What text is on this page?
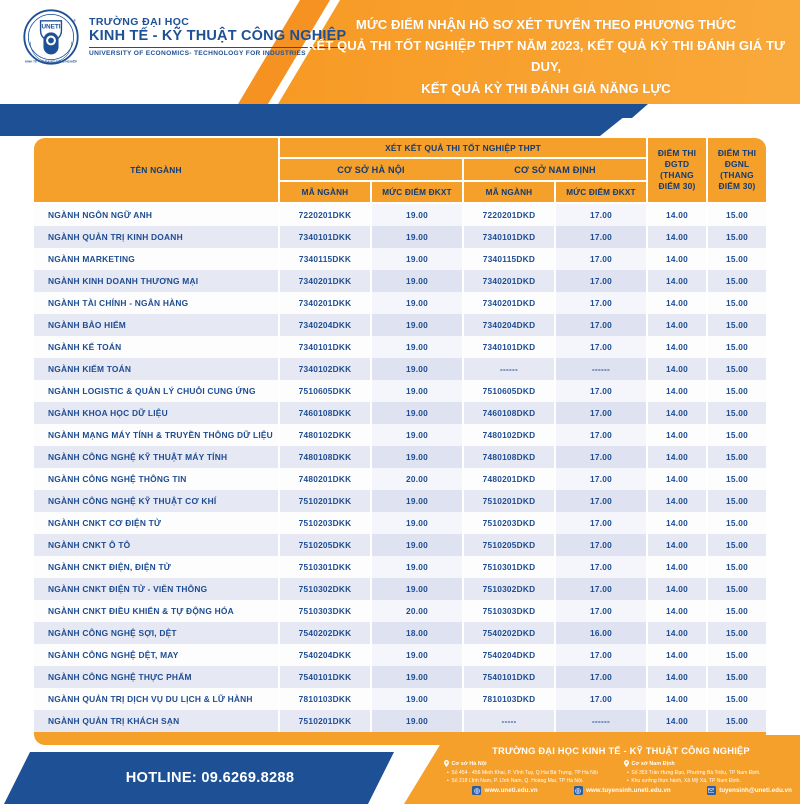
UNETI
KINH TẾ - KỸ THUẬT CÔNG NGHIỆP
® TRƯỜNG ĐẠI HỌC
KINH TẾ - KỸ THUẬT CÔNG NGHIỆP
UNIVERSITY OF ECONOMICS- TECHNOLOGY FOR INDUSTRIES
MỨC ĐIỂM NHẬN HỒ SƠ XÉT TUYỂN THEO PHƯƠNG THỨC
KẾT QUẢ THI TỐT NGHIỆP THPT NĂM 2023, KẾT QUẢ KỲ THI ĐÁNH GIÁ TƯ DUY,
KẾT QUẢ KỲ THI ĐÁNH GIÁ NĂNG LỰC
TÊN NGÀNH	XÉT KẾT QUẢ THI TỐT NGHIỆP THPT				ĐIỂM THI ĐGTD
(THANG ĐIỂM 30)	ĐIỂM THI ĐGNL
(THANG ĐIỂM 30)
	CƠ SỞ HÀ NỘI		CƠ SỞ NAM ĐỊNH			
	MÃ NGÀNH	MỨC ĐIỂM ĐKXT	MÃ NGÀNH	MỨC ĐIỂM ĐKXT		
NGÀNH NGÔN NGỮ ANH	7220201DKK	19.00	7220201DKD	17.00	14.00	15.00
NGÀNH QUẢN TRỊ KINH DOANH	7340101DKK	19.00	7340101DKD	17.00	14.00	15.00
NGÀNH MARKETING	7340115DKK	19.00	7340115DKD	17.00	14.00	15.00
NGÀNH KINH DOANH THƯƠNG MẠI	7340201DKK	19.00	7340201DKD	17.00	14.00	15.00
NGÀNH TÀI CHÍNH - NGÂN HÀNG	7340201DKK	19.00	7340201DKD	17.00	14.00	15.00
NGÀNH BẢO HIỂM	7340204DKK	19.00	7340204DKD	17.00	14.00	15.00
NGÀNH KẾ TOÁN	7340101DKK	19.00	7340101DKD	17.00	14.00	15.00
NGÀNH KIỂM TOÁN	7340102DKK	19.00	------	------	14.00	15.00
NGÀNH LOGISTIC & QUẢN LÝ CHUỖI CUNG ỨNG	7510605DKK	19.00	7510605DKD	17.00	14.00	15.00
NGÀNH KHOA HỌC DỮ LIỆU	7460108DKK	19.00	7460108DKD	17.00	14.00	15.00
NGÀNH MẠNG MÁY TÍNH & TRUYỀN THÔNG DỮ LIỆU	7480102DKK	19.00	7480102DKD	17.00	14.00	15.00
NGÀNH CÔNG NGHỆ KỸ THUẬT MÁY TÍNH	7480108DKK	19.00	7480108DKD	17.00	14.00	15.00
NGÀNH CÔNG NGHỆ THÔNG TIN	7480201DKK	20.00	7480201DKD	17.00	14.00	15.00
NGÀNH CÔNG NGHỆ KỸ THUẬT CƠ KHÍ	7510201DKK	19.00	7510201DKD	17.00	14.00	15.00
NGÀNH CNKT CƠ ĐIỆN TỬ	7510203DKK	19.00	7510203DKD	17.00	14.00	15.00
NGÀNH CNKT Ô TÔ	7510205DKK	19.00	7510205DKD	17.00	14.00	15.00
NGÀNH CNKT ĐIỆN, ĐIỆN TỬ	7510301DKK	19.00	7510301DKD	17.00	14.00	15.00
NGÀNH CNKT ĐIỆN TỬ - VIỄN THÔNG	7510302DKK	19.00	7510302DKD	17.00	14.00	15.00
NGÀNH CNKT ĐIỀU KHIỂN & TỰ ĐỘNG HÓA	7510303DKK	20.00	7510303DKD	17.00	14.00	15.00
NGÀNH CÔNG NGHỆ SỢI, DỆT	7540202DKK	18.00	7540202DKD	16.00	14.00	15.00
NGÀNH CÔNG NGHỆ DỆT, MAY	7540204DKK	19.00	7540204DKD	17.00	14.00	15.00
NGÀNH CÔNG NGHỆ THỰC PHẨM	7540101DKK	19.00	7540101DKD	17.00	14.00	15.00
NGÀNH QUẢN TRỊ DỊCH VỤ DU LỊCH & LỮ HÀNH	7810103DKK	19.00	7810103DKD	17.00	14.00	15.00
NGÀNH QUẢN TRỊ KHÁCH SẠN	7510201DKK	19.00	-----	------	14.00	15.00
HOTLINE: 09.6269.8288
TRƯỜNG ĐẠI HỌC KINH TẾ - KỸ THUẬT CÔNG NGHIỆP
Cơ sở Hà Nội
• Số 454 - 456 Minh Khai, P. Vĩnh Tuy, Q.Hai Bà Trưng, TP Hà Nội
• Số 218 Lĩnh Nam, P. Lĩnh Nam, Q. Hoàng Mai, TP Hà Nội.
Cơ sở Nam Định
• Số 353 Trần Hưng Đạo, Phường Bà Triệu, TP Nam Định.
• Khu xưởng thực hành, Xã Mỹ Xá, TP Nam Định.
www.uneti.edu.vn	www.tuyensinh.uneti.edu.vn	tuyensinh@uneti.edu.vn
